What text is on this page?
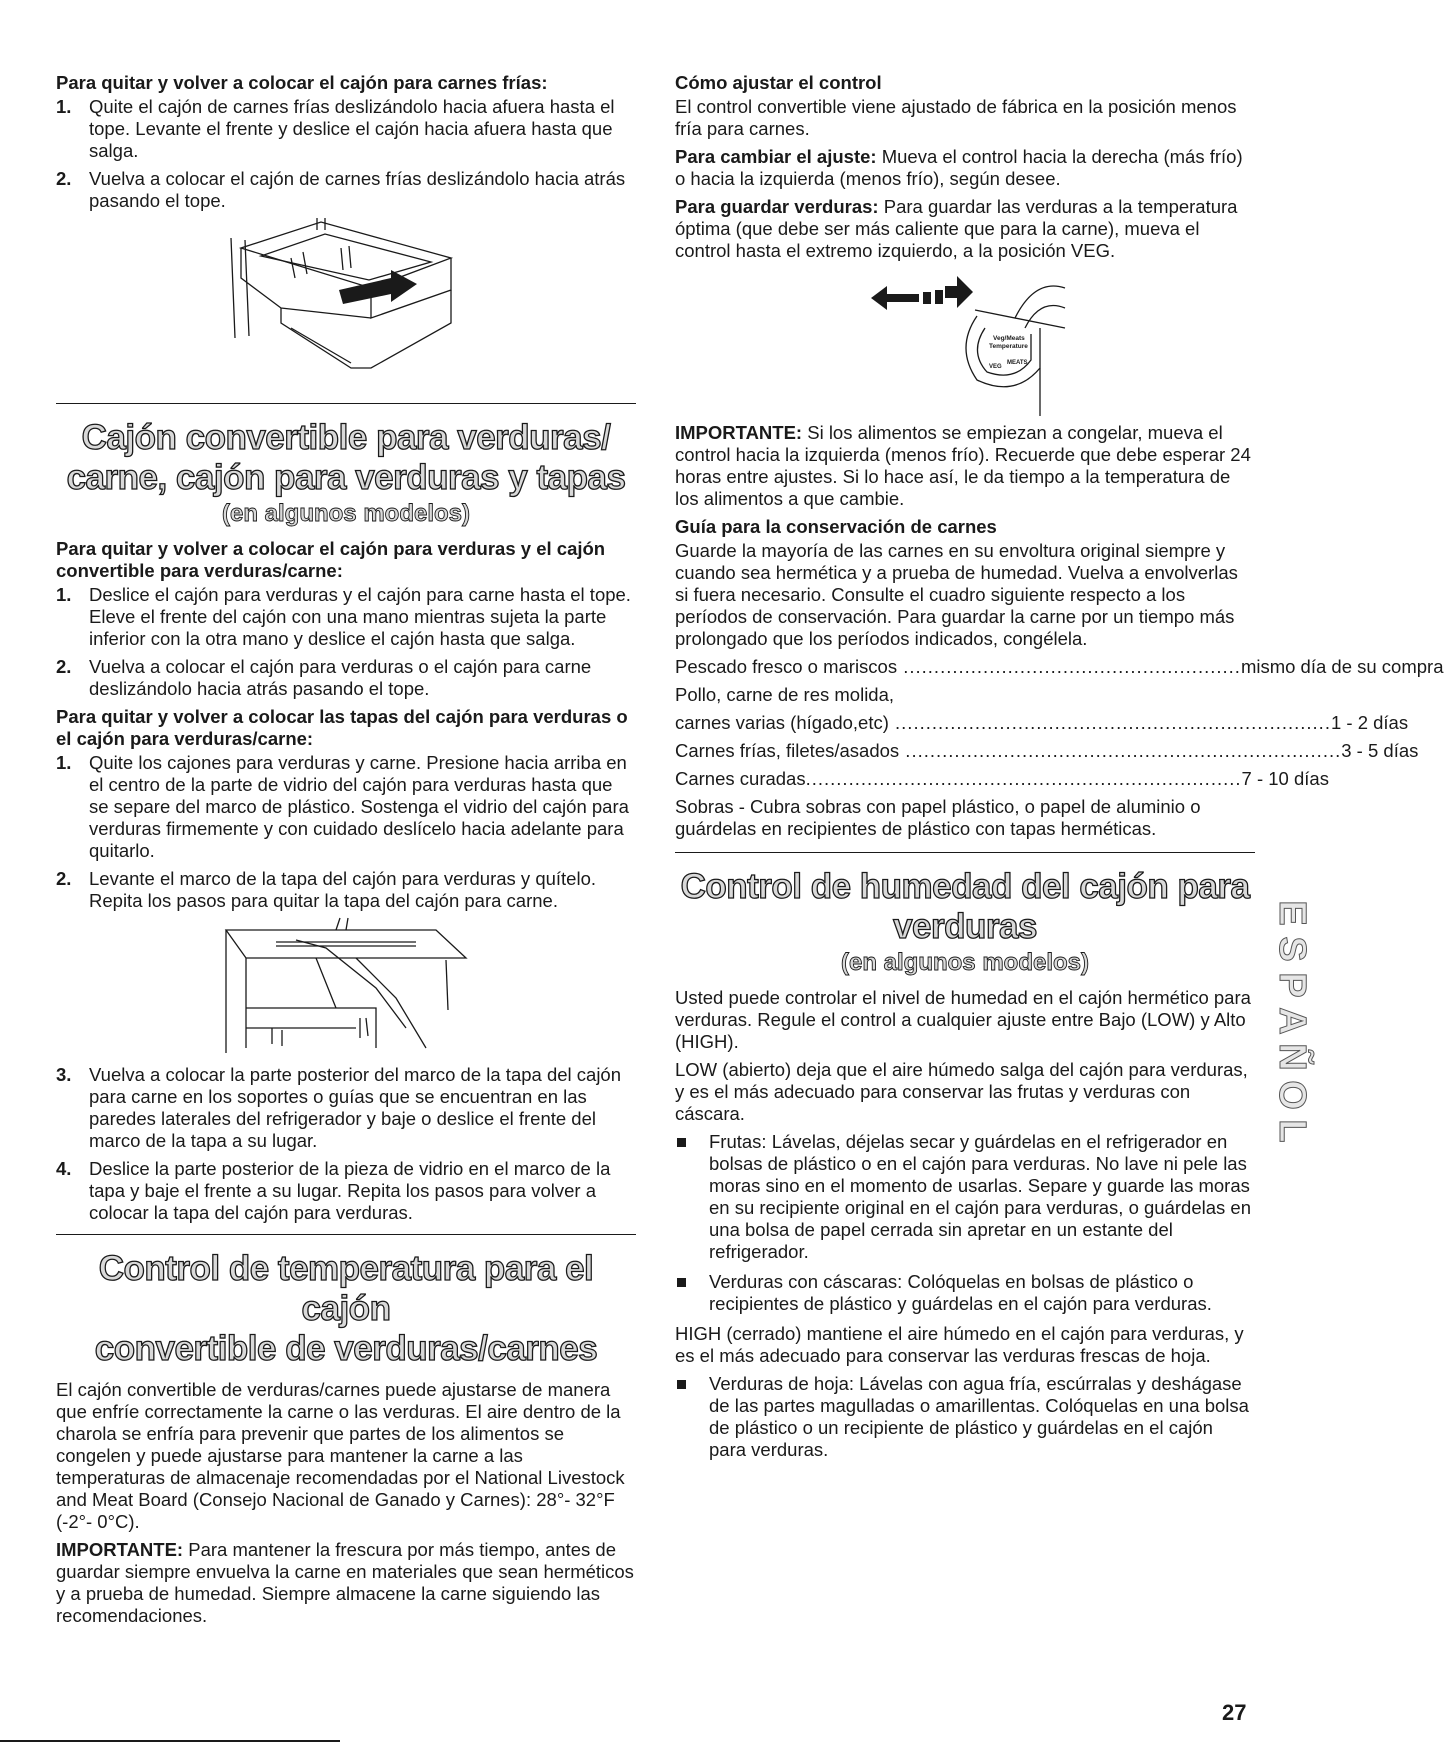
Para quitar y volver a colocar el cajón para carnes frías:
1. Quite el cajón de carnes frías deslizándolo hacia afuera hasta el tope. Levante el frente y deslice el cajón hacia afuera hasta que salga.
2. Vuelva a colocar el cajón de carnes frías deslizándolo hacia atrás pasando el tope.
Cajón convertible para verduras/
carne, cajón para verduras y tapas
(en algunos modelos)
Para quitar y volver a colocar el cajón para verduras y el cajón convertible para verduras/carne:
1. Deslice el cajón para verduras y el cajón para carne hasta el tope. Eleve el frente del cajón con una mano mientras sujeta la parte inferior con la otra mano y deslice el cajón hasta que salga.
2. Vuelva a colocar el cajón para verduras o el cajón para carne deslizándolo hacia atrás pasando el tope.
Para quitar y volver a colocar las tapas del cajón para verduras o el cajón para verduras/carne:
1. Quite los cajones para verduras y carne. Presione hacia arriba en el centro de la parte de vidrio del cajón para verduras hasta que se separe del marco de plástico. Sostenga el vidrio del cajón para verduras firmemente y con cuidado deslícelo hacia adelante para quitarlo.
2. Levante el marco de la tapa del cajón para verduras y quítelo. Repita los pasos para quitar la tapa del cajón para carne.
3. Vuelva a colocar la parte posterior del marco de la tapa del cajón para carne en los soportes o guías que se encuentran en las paredes laterales del refrigerador y baje o deslice el frente del marco de la tapa a su lugar.
4. Deslice la parte posterior de la pieza de vidrio en el marco de la tapa y baje el frente a su lugar. Repita los pasos para volver a colocar la tapa del cajón para verduras.
Control de temperatura para el cajón
convertible de verduras/carnes

El cajón convertible de verduras/carnes puede ajustarse de manera que enfríe correctamente la carne o las verduras. El aire dentro de la charola se enfría para prevenir que partes de los alimentos se congelen y puede ajustarse para mantener la carne a las temperaturas de almacenaje recomendadas por el National Livestock and Meat Board (Consejo Nacional de Ganado y Carnes): 28°- 32°F (-2°- 0°C).

IMPORTANTE: Para mantener la frescura por más tiempo, antes de guardar siempre envuelva la carne en materiales que sean herméticos y a prueba de humedad. Siempre almacene la carne siguiendo las recomendaciones.

Cómo ajustar el control

El control convertible viene ajustado de fábrica en la posición menos fría para carnes.

Para cambiar el ajuste: Mueva el control hacia la derecha (más frío) o hacia la izquierda (menos frío), según desee.

Para guardar verduras: Para guardar las verduras a la temperatura óptima (que debe ser más caliente que para la carne), mueva el control hasta el extremo izquierdo, a la posición VEG.

Veg/Meats
Temperature
VEG
MEATS

IMPORTANTE: Si los alimentos se empiezan a congelar, mueva el control hacia la izquierda (menos frío). Recuerde que debe esperar 24 horas entre ajustes. Si lo hace así, le da tiempo a la temperatura de los alimentos a que cambie.

Guía para la conservación de carnes

Guarde la mayoría de las carnes en su envoltura original siempre y cuando sea hermética y a prueba de humedad. Vuelva a envolverlas si fuera necesario. Consulte el cuadro siguiente respecto a los períodos de conservación. Para guardar la carne por un tiempo más prolongado que los períodos indicados, congélela.

Pescado fresco o mariscos ....................................................... mismo día de su compra
Pollo, carne de res molida,
carnes varias (hígado,etc) ....................................................................... 1 - 2 días
Carnes frías, filetes/asados ....................................................................... 3 - 5 días
Carnes curadas ....................................................................... 7 - 10 días

Sobras - Cubra sobras con papel plástico, o papel de aluminio o guárdelas en recipientes de plástico con tapas herméticas.

Control de humedad del cajón para
verduras
(en algunos modelos)

Usted puede controlar el nivel de humedad en el cajón hermético para verduras. Regule el control a cualquier ajuste entre Bajo (LOW) y Alto (HIGH).

LOW (abierto) deja que el aire húmedo salga del cajón para verduras, y es el más adecuado para conservar las frutas y verduras con cáscara.

Frutas: Lávelas, déjelas secar y guárdelas en el refrigerador en bolsas de plástico o en el cajón para verduras. No lave ni pele las moras sino en el momento de usarlas. Separe y guarde las moras en su recipiente original en el cajón para verduras, o guárdelas en una bolsa de papel cerrada sin apretar en un estante del refrigerador.
Verduras con cáscaras: Colóquelas en bolsas de plástico o recipientes de plástico y guárdelas en el cajón para verduras.

HIGH (cerrado) mantiene el aire húmedo en el cajón para verduras, y es el más adecuado para conservar las verduras frescas de hoja.

Verduras de hoja: Lávelas con agua fría, escúrralas y deshágase de las partes magulladas o amarillentas. Colóquelas en una bolsa de plástico o un recipiente de plástico y guárdelas en el cajón para verduras.
E
S
P
A
Ñ
O
L
27
